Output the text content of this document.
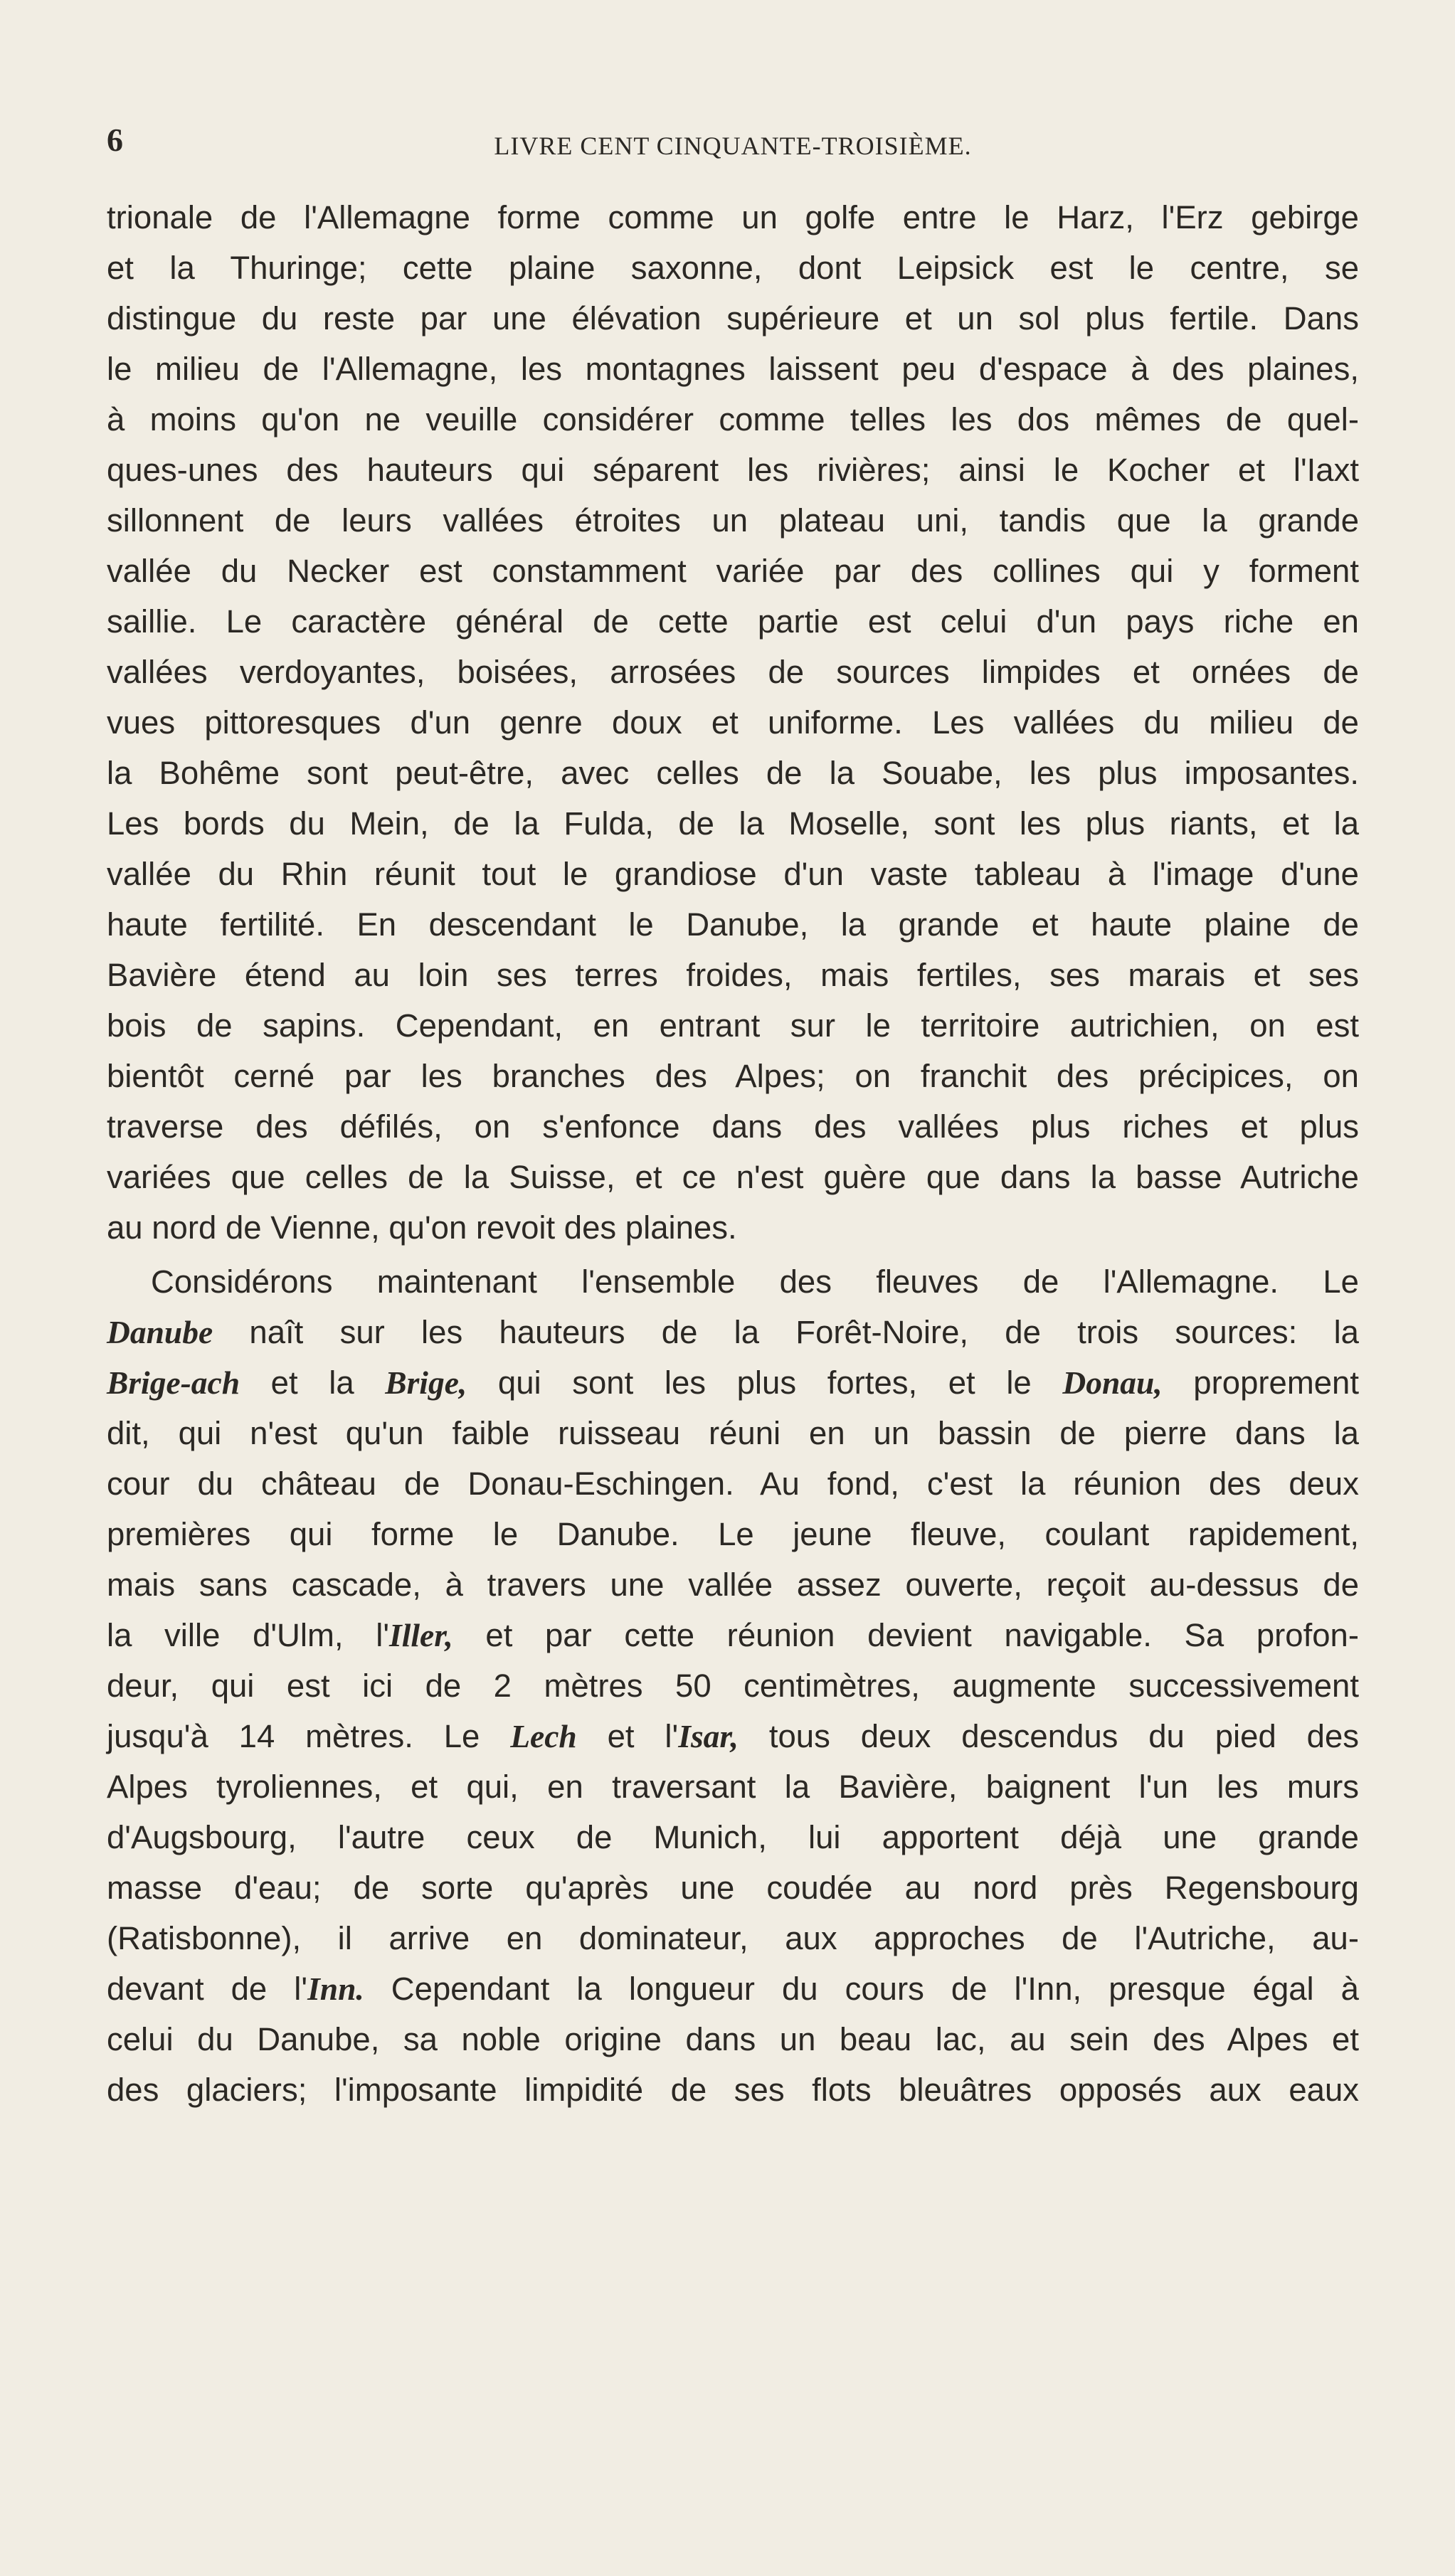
6	LIVRE CENT CINQUANTE-TROISIÈME.
trionale de l'Allemagne forme comme un golfe entre le Harz, l'Erz gebirge
et la Thuringe; cette plaine saxonne, dont Leipsick est le centre, se
distingue du reste par une élévation supérieure et un sol plus fertile. Dans
le milieu de l'Allemagne, les montagnes laissent peu d'espace à des plaines,
à moins qu'on ne veuille considérer comme telles les dos mêmes de quel-
ques-unes des hauteurs qui séparent les rivières; ainsi le Kocher et l'Iaxt
sillonnent de leurs vallées étroites un plateau uni, tandis que la grande
vallée du Necker est constamment variée par des collines qui y forment
saillie. Le caractère général de cette partie est celui d'un pays riche en
vallées verdoyantes, boisées, arrosées de sources limpides et ornées de
vues pittoresques d'un genre doux et uniforme. Les vallées du milieu de
la Bohême sont peut-être, avec celles de la Souabe, les plus imposantes.
Les bords du Mein, de la Fulda, de la Moselle, sont les plus riants, et la
vallée du Rhin réunit tout le grandiose d'un vaste tableau à l'image d'une
haute fertilité. En descendant le Danube, la grande et haute plaine de
Bavière étend au loin ses terres froides, mais fertiles, ses marais et ses
bois de sapins. Cependant, en entrant sur le territoire autrichien, on est
bientôt cerné par les branches des Alpes; on franchit des précipices, on
traverse des défilés, on s'enfonce dans des vallées plus riches et plus
variées que celles de la Suisse, et ce n'est guère que dans la basse Autriche
au nord de Vienne, qu'on revoit des plaines.
Considérons maintenant l'ensemble des fleuves de l'Allemagne. Le
Danube naît sur les hauteurs de la Forêt-Noire, de trois sources: la
Brige-ach et la Brige, qui sont les plus fortes, et le Donau, proprement
dit, qui n'est qu'un faible ruisseau réuni en un bassin de pierre dans la
cour du château de Donau-Eschingen. Au fond, c'est la réunion des deux
premières qui forme le Danube. Le jeune fleuve, coulant rapidement,
mais sans cascade, à travers une vallée assez ouverte, reçoit au-dessus de
la ville d'Ulm, l'Iller, et par cette réunion devient navigable. Sa profon-
deur, qui est ici de 2 mètres 50 centimètres, augmente successivement
jusqu'à 14 mètres. Le Lech et l'Isar, tous deux descendus du pied des
Alpes tyroliennes, et qui, en traversant la Bavière, baignent l'un les murs
d'Augsbourg, l'autre ceux de Munich, lui apportent déjà une grande
masse d'eau; de sorte qu'après une coudée au nord près Regensbourg
(Ratisbonne), il arrive en dominateur, aux approches de l'Autriche, au-
devant de l'Inn. Cependant la longueur du cours de l'Inn, presque égal à
celui du Danube, sa noble origine dans un beau lac, au sein des Alpes et
des glaciers; l'imposante limpidité de ses flots bleuâtres opposés aux eaux
